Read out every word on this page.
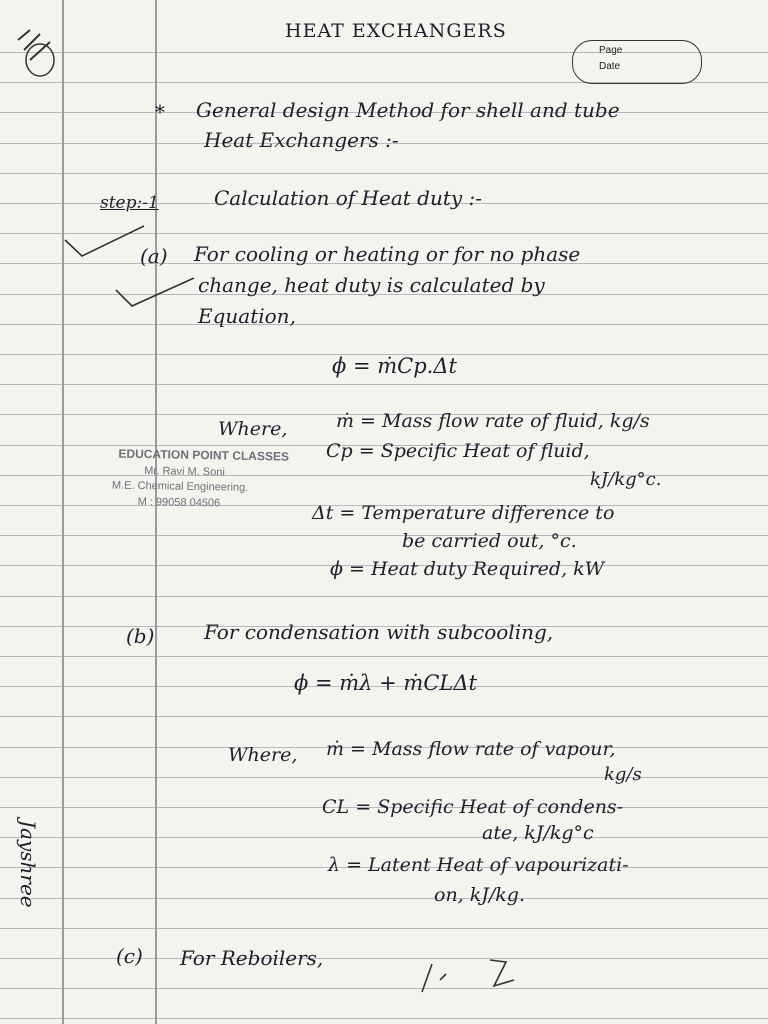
HEAT EXCHANGERS
Page
Date
* General design Method for shell and tube
Heat Exchangers :-
step:-1	Calculation of Heat duty :-
(a) For cooling or heating or for no phase
change, heat duty is calculated by
Equation,
ϕ = ṁCp.Δt
Where,	ṁ = Mass flow rate of fluid, kg/s
Cp = Specific Heat of fluid,
kJ/kg°c.
Δt = Temperature difference to
be carried out, °c.
ϕ = Heat duty Required, kW
EDUCATION POINT CLASSES
Mr. Ravi M. Soni
M.E. Chemical Engineering.
M : 99058 04506
(b) For condensation with subcooling,
ϕ = ṁλ + ṁCLΔt
Where, ṁ = Mass flow rate of vapour,
kg/s
CL = Specific Heat of condens-
ate, kJ/kg°c
λ = Latent Heat of vapourizati-
on, kJ/kg.
Jayshree
(c) For Reboilers,
